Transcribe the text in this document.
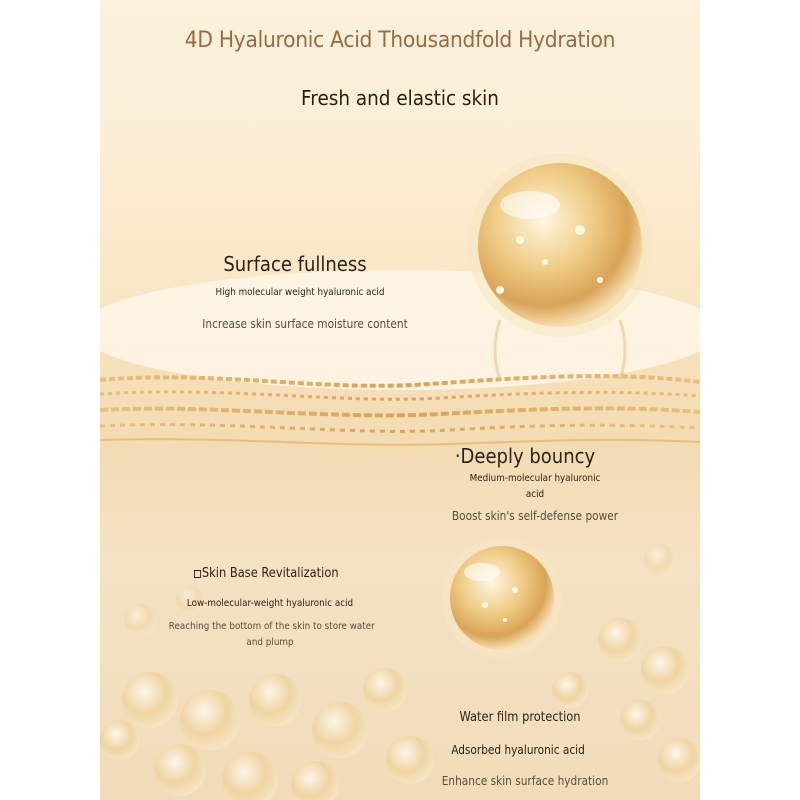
4D Hyaluronic Acid Thousandfold Hydration
Fresh and elastic skin
Surface fullness
High molecular weight hyaluronic acid
Increase skin surface moisture content
·Deeply bouncy
Medium-molecular hyaluronic
acid
Boost skin's self-defense power
Skin Base Revitalization
Low-molecular-weight hyaluronic acid
Reaching the bottom of the skin to store water
and plump
Water film protection
Adsorbed hyaluronic acid
Enhance skin surface hydration
